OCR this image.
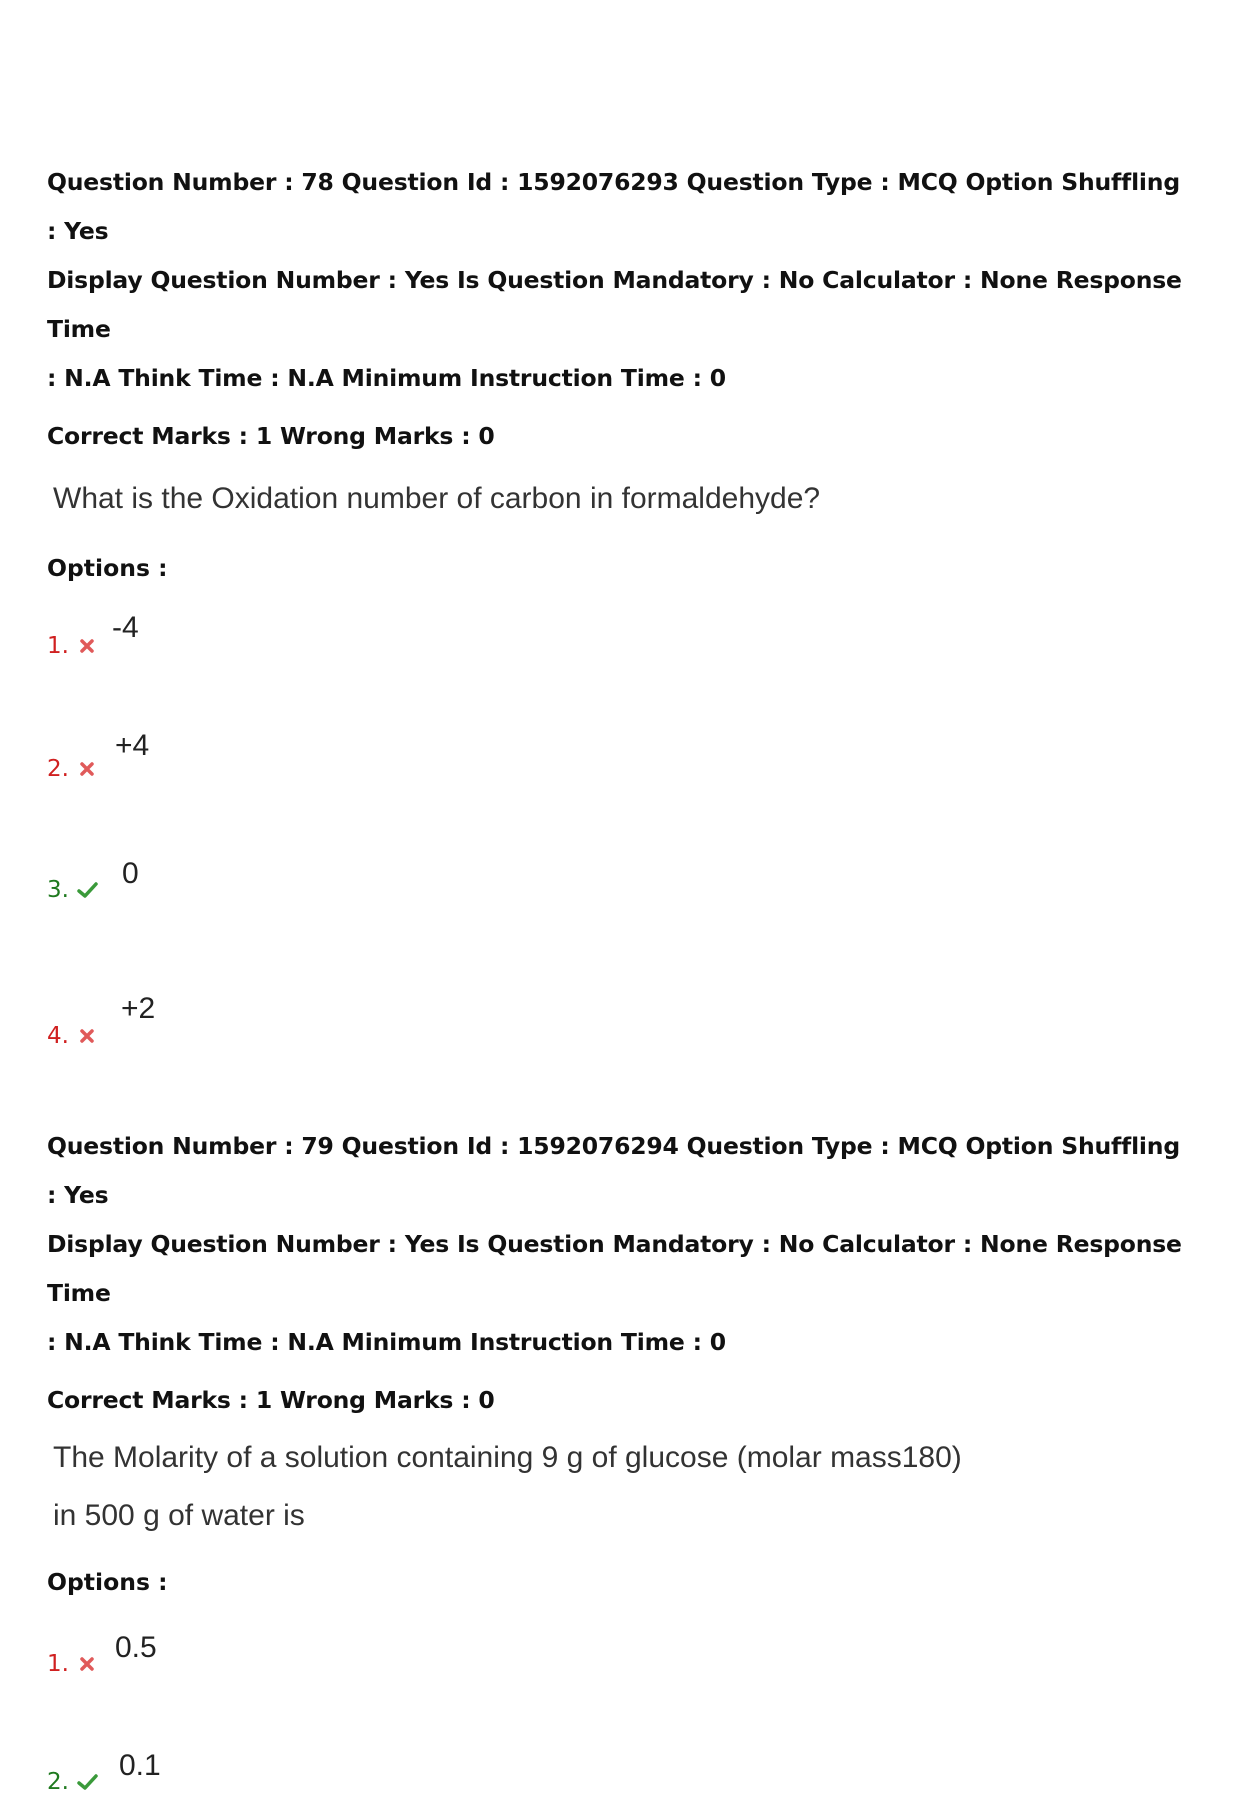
Question Number : 78 Question Id : 1592076293 Question Type : MCQ Option Shuffling : Yes
Display Question Number : Yes Is Question Mandatory : No Calculator : None Response Time
: N.A Think Time : N.A Minimum Instruction Time : 0

Correct Marks : 1 Wrong Marks : 0

What is the Oxidation number of carbon in formaldehyde?

Options :

1.
-4
2.
+4
3. 0
4.
+2

Question Number : 79 Question Id : 1592076294 Question Type : MCQ Option Shuffling : Yes
Display Question Number : Yes Is Question Mandatory : No Calculator : None Response Time
: N.A Think Time : N.A Minimum Instruction Time : 0

Correct Marks : 1 Wrong Marks : 0

The Molarity of a solution containing 9 g of glucose (molar mass180)
in 500 g of water is

Options :

1. 0.5
2. 0.1
